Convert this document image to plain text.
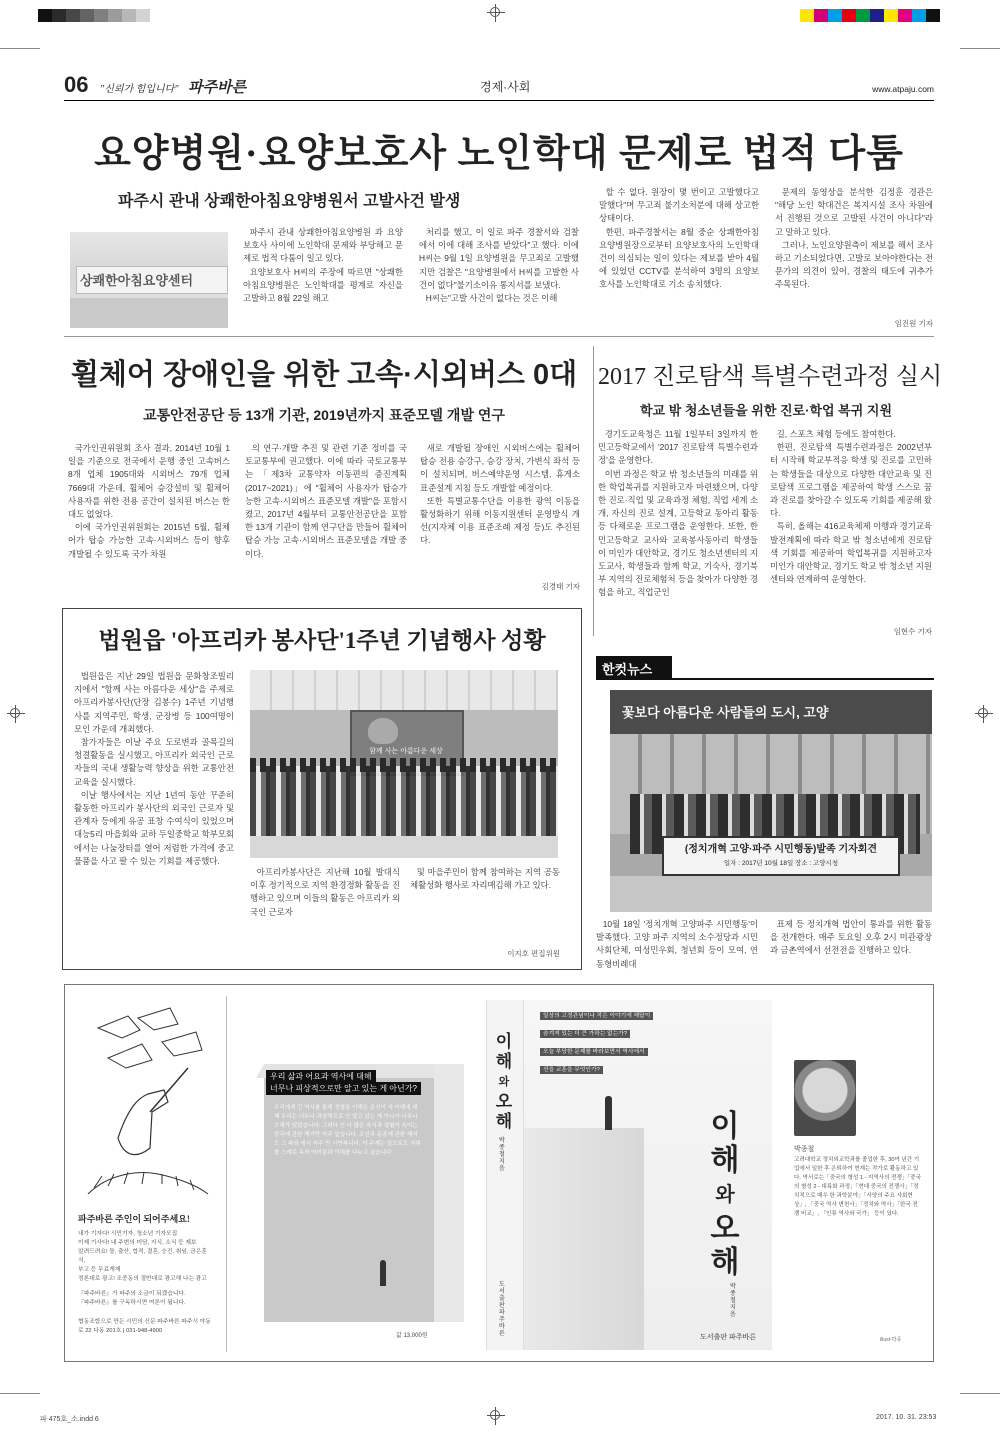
06 "신뢰가 힘입니다" 파주바른	경제·사회	www.atpaju.com
요양병원·요양보호사 노인학대 문제로 법적 다툼
파주시 관내 상쾌한아침요양병원서 고발사건 발생
상쾌한아침요양센터

파주시 관내 상쾌한아침요양병원 과 요양보호사 사이에 노인학대 문제와 부당해고 문제로 법적 다툼이 일고 있다.

요양보호사 H씨의 주장에 따르면 "상쾌한아침요양병원은 노인학대를 평계로 자신을 고발하고 8월 22일 해고

처리를 했고, 이 일로 파주 경찰서와 검찰에서 이에 대해 조사를 받았다"고 했다. 이에 H씨는 9월 1일 요양병원을 무고죄로 고발했지만 검찰은 "요양병원에서 H씨를 고발한 사건이 없다"불기소이유 통지서를 보냈다.

H씨는"고발 사건이 없다는 것은 이해

할 수 없다. 원장이 몇 번이고 고발했다고 말했다"며 무고죄 불기소처분에 대해 상고한 상태이다.

한편, 파주경찰서는 8월 중순 상쾌한아침요양병원장으로부터 요양보호사의 노인학대 건이 의심되는 일이 있다는 제보를 받아 4월에 있었던 CCTV를 분석하여 3명의 요양보호사를 노인학대로 기소 송치했다.

문제의 동영상을 분석한 김정훈 경관은 "해당 노인 학대건은 복지시설 조사 차원에서 진행된 것으로 고발된 사건이 아니다"라고 말하고 있다.

그러나, 노인요양원측이 제보를 해서 조사하고 기소되었다면, 고발로 보아야한다는 전문가의 의견이 있어, 경찰의 태도에 귀추가 주목된다.

임진원 기자
휠체어 장애인을 위한 고속·시외버스 0대
교통안전공단 등 13개 기관, 2019년까지 표준모델 개발 연구

국가인권위원회 조사 결과, 2014년 10월 1일을 기준으로 전국에서 운행 중인 고속버스 8개 업체 1905대와 시외버스 79개 업체 7669대 가운데, 휠체어 승강설비 및 휠체어 사용자를 위한 전용 공간이 설치된 버스는 한 대도 없었다.

이에 국가인권위원회는 2015년 5월, 휠체어가 탑승 가능한 고속·시외버스 등이 향후 개발될 수 있도록 국가 차원

의 연구·개발 추진 및 관련 기준 정비를 국토교통부에 권고했다. 이에 따라 국토교통부는 「제3차 교통약자 이동편의 증진계획(2017~2021)」에 "휠체어 사용자가 탑승가능한 고속·시외버스 표준모델 개발"을 포함시켰고, 2017년 4월부터 교통안전공단을 포함한 13개 기관이 함께 연구단을 만들어 휠체어 탑승 가능 고속·시외버스 표준모델을 개발 중이다.

새로 개발될 장애인 시외버스에는 휠체어 탑승 전용 승강구, 승강 장치, 가변식 좌석 등이 설치되며, 버스예약운영 시스템, 휴게소 표준설계 지침 등도 개발할 예정이다.

또한 특별교통수단을 이용한 광역 이동을 활성화하기 위해 이동지원센터 운영방식 개선(지자체 이용 표준조례 제정 등)도 추진된다.

김경태 기자
2017 진로탐색 특별수련과정 실시
학교 밖 청소년들을 위한 진로·학업 복귀 지원

경기도교육청은 11월 1일부터 3일까지 한민고등학교에서 '2017 진로탐색 특별수련과정'을 운영한다.

이번 과정은 학교 밖 청소년들의 미래를 위한 학업복귀를 지원하고자 마련됐으며, 다양한 진로·직업 및 교육과정 체험, 직업 세계 소개, 자신의 진로 설계, 고등학교 동아리 활동 등 다채로운 프로그램을 운영한다. 또한, 한민고등학교 교사와 교육봉사동아리 학생들이 미인가 대안학교, 경기도 청소년센터의 지도교사, 학생들과 함께 학교, 기숙사, 경기북부 지역의 진로체험처 등을 찾아가 다양한 경험을 하고, 직업군인

길, 스포츠 체험 등에도 참여한다.

한편, 진로탐색 특별수련과정은 2002년부터 시작해 학교부적응 학생 및 진로를 고민하는 학생들을 대상으로 다양한 대안교육 및 진로탐색 프로그램을 제공하여 학생 스스로 꿈과 진로를 찾아갈 수 있도록 기회를 제공해 왔다.

특히, 올해는 416교육체제 이행과 경기교육 발전계획에 따라 학교 밖 청소년에게 진로탐색 기회를 제공하여 학업복귀를 지원하고자 미인가 대안학교, 경기도 학교 밖 청소년 지원센터와 연계하여 운영한다.

임현수 기자
법원읍 '아프리카 봉사단'1주년 기념행사 성황

법원읍은 지난 29일 법원읍 문화창조빌리지에서 "함께 사는 아름다운 세상"을 주제로 아프리카봉사단(단장 김봉수) 1주년 기념행사를 지역주민, 학생, 군장병 등 100여명이 모인 가운데 개최했다.

참가자들은 이날 주요 도로변과 골목길의 청결활동을 실시했고, 아프리카 외국인 근로자들의 국내 생활능력 향상을 위한 교통안전교육을 실시했다.

이날 행사에서는 지난 1년여 동안 꾸준히 활동한 아프리카 봉사단의 외국인 근로자 및 관계자 등에게 유공 표창 수여식이 있었으며 대능5리 마을회와 교하 두일중학교 학부모회에서는 나눔장터를 열어 저렴한 가격에 중고물품을 사고 팔 수 있는 기회를 제공했다.

함께 사는 아름다운 세상

아프리카봉사단은 지난해 10월 발대식 이후 정기적으로 지역 환경정화 활동을 진행하고 있으며 이들의 활동은 아프리카 외국인 근로자

및 마을주민이 함께 참여하는 지역 공동체활성화 행사로 자리매김해 가고 있다.

이지호 편집위원
한컷뉴스
꽃보다 아름다운 사람들의 도시, 고양
(정치개혁 고양·파주 시민행동)발족 기자회견
일자 : 2017년 10월 18일 장소 : 고양시청

10월 18일 '정치개혁 고양파주 시민행동'이 발족했다. 고양 파주 지역의 소수정당과 시민사회단체, 여성민우회, 청년회 등이 모여, 연동형비례대

표제 등 정치개혁 법안이 통과를 위한 활동을 전개한다. 매주 토요일 오후 2시 미관광장과 금촌역에서 선전전을 진행하고 있다.

파주바른 주인이 되어주세요!
내가 기자다! 시민기자, 청소년 기자모집
이제 기사다! 내 주변의 미담, 지식, 소식 등 제보
알려드려요! 돌, 출산, 합격, 결혼, 승진, 취임, 금은혼식,
부고 등 무료게재
정론대로 광고! 조중동의 절반대로 광고해 나는 광고
『파주바른』가 파주의 소금이 되겠습니다.
『파주바른』를 구독하시면 여론이 됩니다.
협동조합으로 만든 시민의 신문 파주바른 파주시 야동로 22 다동 201호 | 031-948-4900
우리 삶과 어요과 역사에 대해
너무나 피상적으로만 알고 있는 게 아닌가?
우리에게 긴 역사를 통해 정형을 이해온 준신이 자 이해에 대해 우리는 너무나 과상적으로 안 알고 있는 게 아니가 너무나 오해가 있었습니다. 그러다 인 다 많은 자식과 경험이 속이는 중국에 관한 깨기만 자주 앞습니다. 조선과 동종에 관한 해서도 그 파라 에서 자주 만 시반복니다. 이 주제는 앞으로도 지워 볼 스레로 독자 여러분과 이해를 나누고 싶습니다.
값 13,000원
이
해
와
오
해
박종철 지음
도서출판 파주바른
일상의 고정관념이나 작은 이야기에 해답이숨겨져 있는 더 큰 가하는 없는가?오늘 부당한 문제를 바라보면서 역사에서선을 교훈을 무엇인가?
이
해
와
오
해
박종철 지음
도서출판 파주바른
박종철
고려대학교 정치외교학과를 졸업한 후, 30여 년간 기업에서 일한 후 은퇴하여 현재는 작가로 활동하고 있다. 역서로는「중국의 형성 1 - 지역사의 전쟁」「중국의 형성 2 - 대륙화 과정」「현대 중국의 전쟁사」「정치적으로 매우 한 과학분야」「서양의 주요 사회현상」, 「중국 역사 변천사」「정치와 역사」「한국 전쟁 비교」, 「인류 역사와 국가」 등이 있다.
illust-박종
파 475호_소.indd 6	2017. 10. 31. 23:53
